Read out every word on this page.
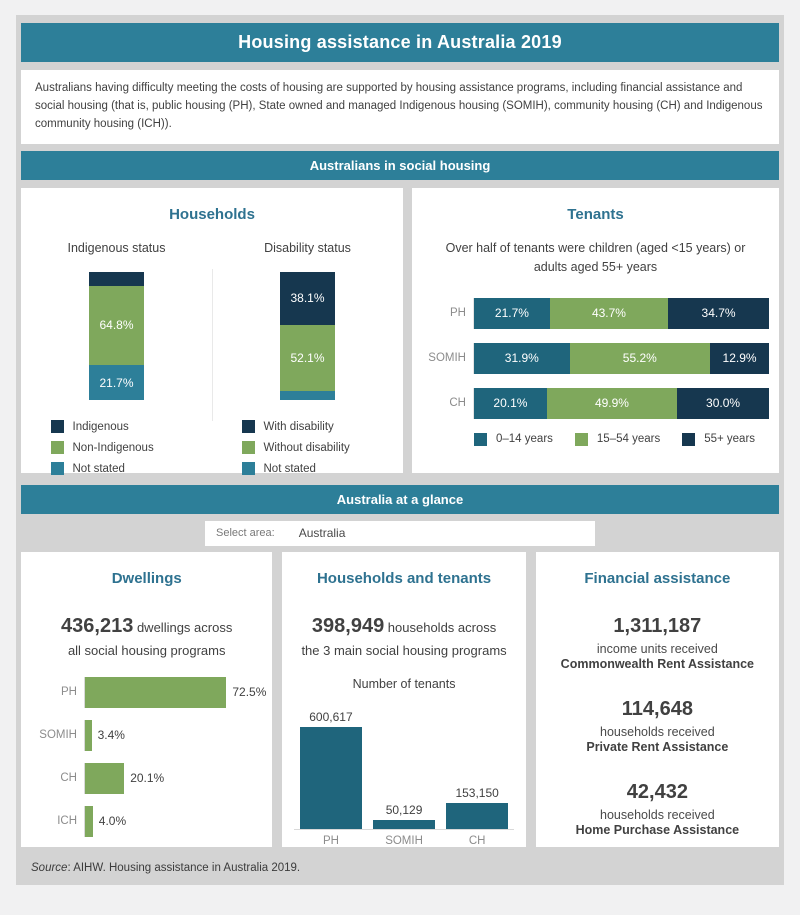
Housing assistance in Australia 2019
Australians having difficulty meeting the costs of housing are supported by housing assistance programs, including financial assistance and social housing (that is, public housing (PH), State owned and managed Indigenous housing (SOMIH), community housing (CH) and Indigenous community housing (ICH)).
Australians in social housing
Households
Indigenous status
64.8%
21.7%
Indigenous
Non-Indigenous
Not stated
Disability status
38.1%
52.1%
With disability
Without disability
Not stated
Tenants
Over half of tenants were children (aged <15 years) or adults aged 55+ years
PH 21.7%	43.7%	34.7%
SOMIH	31.9%	55.2%	12.9%
CH 20.1%	49.9%	30.0%
0–14 years	15–54 years	55+ years
Australia at a glance
Select area: Australia
Dwellings
436,213 dwellings across
all social housing programs
PH	72.5%
SOMIH	3.4%
CH	20.1%
ICH	4.0%
Households and tenants
398,949 households across
the 3 main social housing programs
Number of tenants
600,617
50,129
153,150
PH	SOMIH	CH
Financial assistance
1,311,187
income units received
Commonwealth Rent Assistance
114,648
households received
Private Rent Assistance
42,432
households received
Home Purchase Assistance
Source: AIHW. Housing assistance in Australia 2019.
